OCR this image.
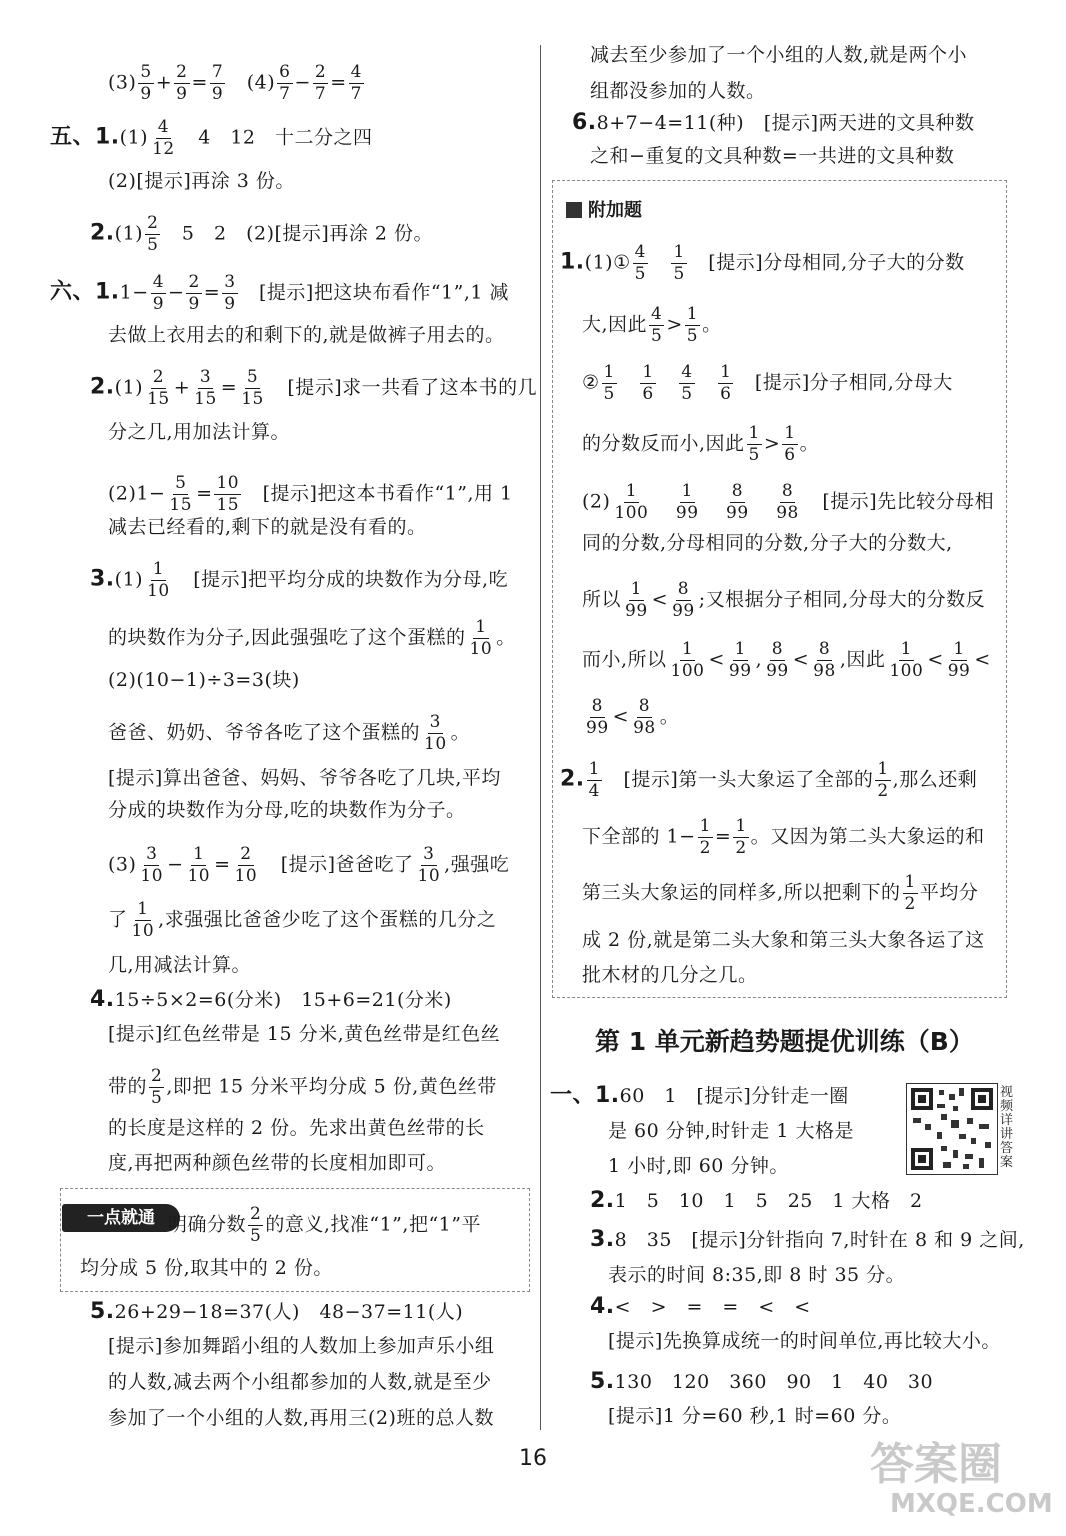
附加题
一点就通
第 1 单元新趋势题提优训练（B）
视频详讲答案
$(3) \frac{5}{9} + \frac{2}{9} = \frac{7}{9}$ 　$(4) \frac{6}{7} - \frac{2}{7} = \frac{4}{7}$
五、$1.(1) \frac{4}{12}$ 　4　12　十二分之四
(2)[提示]再涂 3 份。
$2.(1) \frac{2}{5}$ 　5　2　(2)[提示]再涂 2 份。
六、$1.1- \frac{4}{9} - \frac{2}{9} = \frac{3}{9}$ 　[提示]把这块布看作“1”,1 减
去做上衣用去的和剩下的,就是做裤子用去的。
$2.(1) \frac{2}{15} + \frac{3}{15} = \frac{5}{15}$ 　[提示]求一共看了这本书的几
分之几,用加法计算。
$(2)1- \frac{5}{15} = \frac{10}{15}$ 　[提示]把这本书看作“1”,用 1
减去已经看的,剩下的就是没有看的。
$3.(1) \frac{1}{10}$ 　[提示]把平均分成的块数作为分母,吃
的块数作为分子,因此强强吃了这个蛋糕的 $\frac{1}{10}$ 。
(2)(10−1)÷3=3(块)
爸爸、奶奶、爷爷各吃了这个蛋糕的 $\frac{3}{10}$ 。
[提示]算出爸爸、妈妈、爷爷各吃了几块,平均
分成的块数作为分母,吃的块数作为分子。
$(3) \frac{3}{10} - \frac{1}{10} = \frac{2}{10}$ 　[提示]爸爸吃了 $\frac{3}{10}$ ,强强吃
了 $\frac{1}{10}$ ,求强强比爸爸少吃了这个蛋糕的几分之
几,用减法计算。
4.15÷5×2=6(分米)　15+6=21(分米)
[提示]红色丝带是 15 分米,黄色丝带是红色丝
带的 $\frac{2}{5}$ ,即把 15 分米平均分成 5 份,黄色丝带
的长度是这样的 2 份。先求出黄色丝带的长
度,再把两种颜色丝带的长度相加即可。
明确分数 $\frac{2}{5}$ 的意义,找准“1”,把“1”平
均分成 5 份,取其中的 2 份。
5.26+29−18=37(人)　48−37=11(人)
[提示]参加舞蹈小组的人数加上参加声乐小组
的人数,减去两个小组都参加的人数,就是至少
参加了一个小组的人数,再用三(2)班的总人数
减去至少参加了一个小组的人数,就是两个小
组都没参加的人数。
6.8+7−4=11(种)　[提示]两天进的文具种数
之和−重复的文具种数=一共进的文具种数
1.(1)① $\frac{4}{5}$
　 $\frac{1}{5}$ 　[提示]分母相同,分子大的分数
大,因此 $\frac{4}{5} > \frac{1}{5}$ 。
② $\frac{1}{5}$
　 $\frac{1}{6}$
　 $\frac{4}{5}$
　 $\frac{1}{6}$ 　[提示]分子相同,分母大
的分数反而小,因此 $\frac{1}{5} > \frac{1}{6}$ 。
$(2) \frac{1}{100}$
　 $\frac{1}{99}$
　 $\frac{8}{99}$
　 $\frac{8}{98}$ 　[提示]先比较分母相
同的分数,分母相同的分数,分子大的分数大,
所以 $\frac{1}{99} < \frac{8}{99}$ ;又根据分子相同,分母大的分数反
而小,所以 $\frac{1}{100} < \frac{1}{99}$ , $\frac{8}{99} < \frac{8}{98}$ ,因此 $\frac{1}{100} < \frac{1}{99}$ <
$\frac{8}{99} < \frac{8}{98}$ 。
2. $\frac{1}{4}$ 　[提示]第一头大象运了全部的 $\frac{1}{2}$ ,那么还剩
下全部的 $1- \frac{1}{2} = \frac{1}{2}$ 。又因为第二头大象运的和
第三头大象运的同样多,所以把剩下的 $\frac{1}{2}$ 平均分
成 2 份,就是第二头大象和第三头大象各运了这
批木材的几分之几。
一、1.60　1　[提示]分针走一圈
是 60 分钟,时针走 1 大格是
1 小时,即 60 分钟。
2.1　5　10　1　5　25　1 大格　2
3.8　35　[提示]分针指向 7,时针在 8 和 9 之间,
表示的时间 8:35,即 8 时 35 分。
4.<　>　=　=　<　<
[提示]先换算成统一的时间单位,再比较大小。
5.130　120　360　90　1　40　30
[提示]1 分=60 秒,1 时=60 分。
16	答案圈
MXQE.COM
